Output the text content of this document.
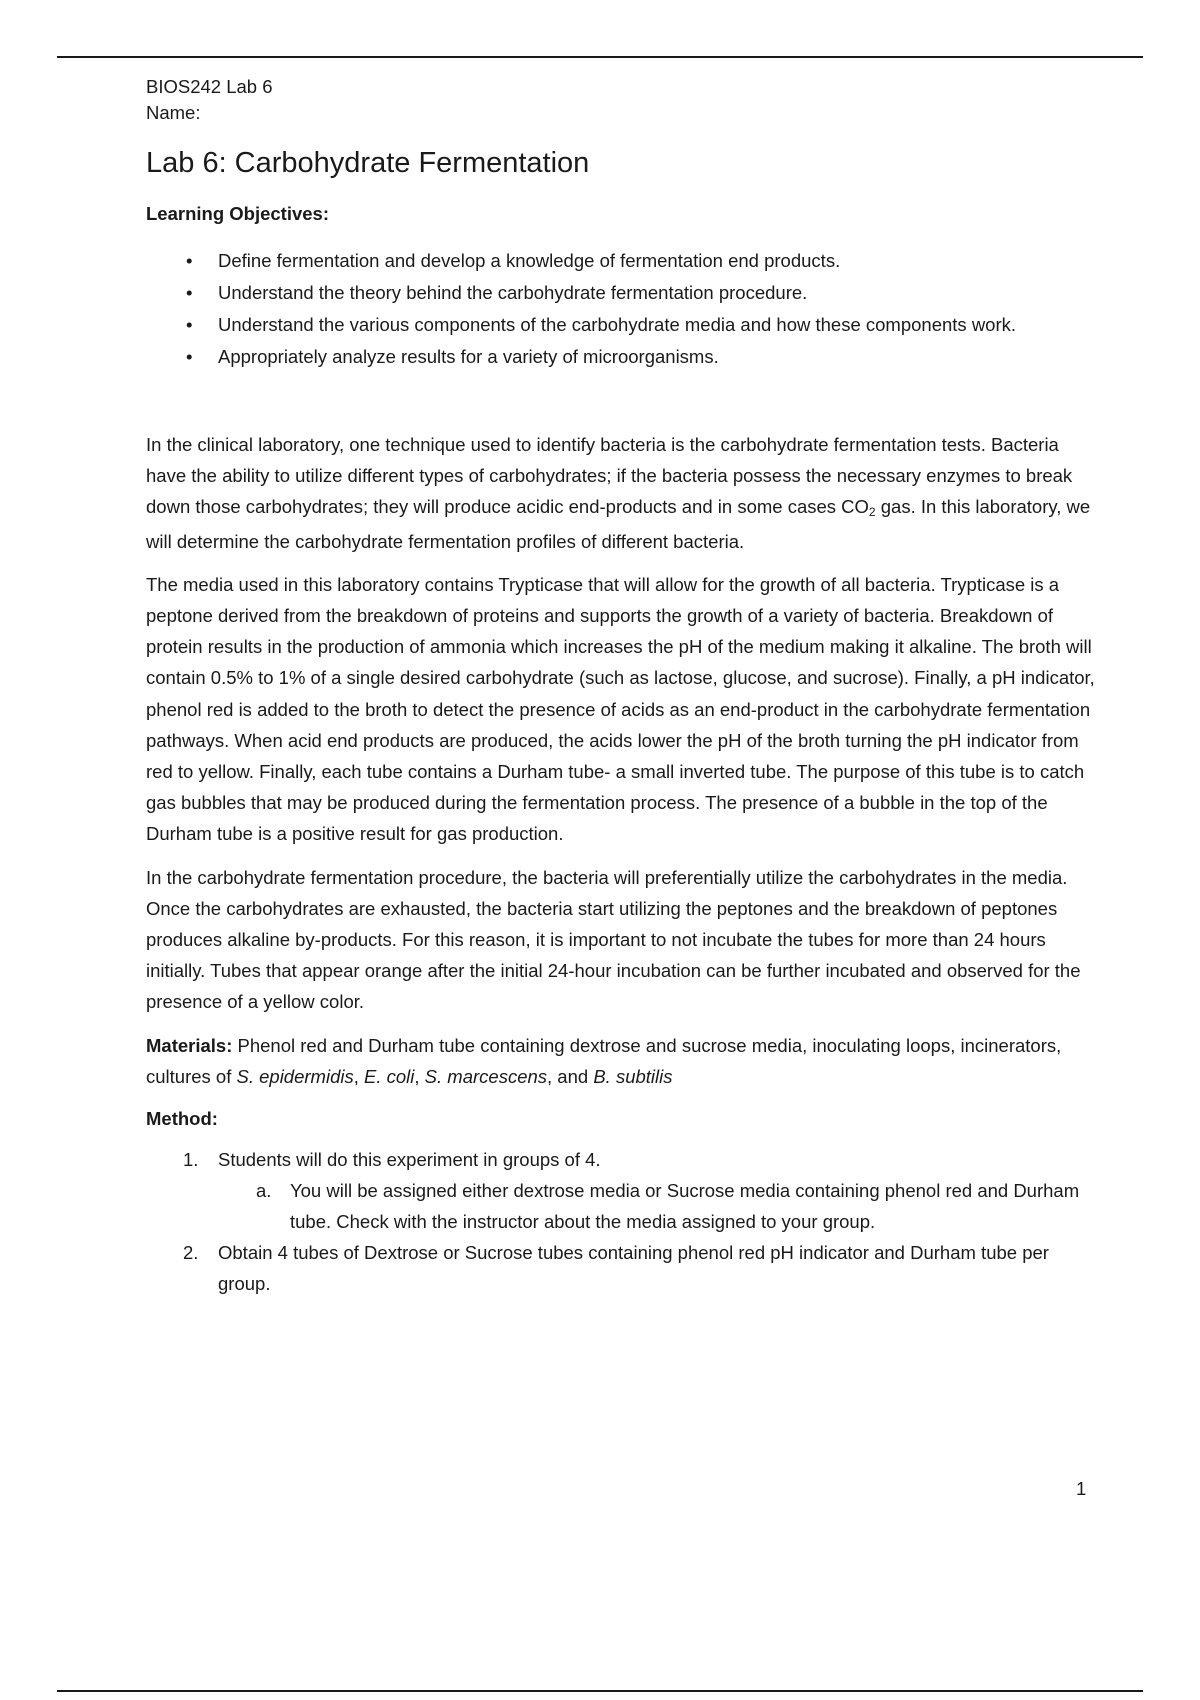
BIOS242 Lab 6
Name:
Lab 6: Carbohydrate Fermentation
Learning Objectives:
• Define fermentation and develop a knowledge of fermentation end products.
• Understand the theory behind the carbohydrate fermentation procedure.
• Understand the various components of the carbohydrate media and how these components work.
• Appropriately analyze results for a variety of microorganisms.

In the clinical laboratory, one technique used to identify bacteria is the carbohydrate fermentation tests. Bacteria have the ability to utilize different types of carbohydrates; if the bacteria possess the necessary enzymes to break down those carbohydrates; they will produce acidic end-products and in some cases CO2 gas. In this laboratory, we will determine the carbohydrate fermentation profiles of different bacteria.

The media used in this laboratory contains Trypticase that will allow for the growth of all bacteria. Trypticase is a peptone derived from the breakdown of proteins and supports the growth of a variety of bacteria. Breakdown of protein results in the production of ammonia which increases the pH of the medium making it alkaline. The broth will contain 0.5% to 1% of a single desired carbohydrate (such as lactose, glucose, and sucrose). Finally, a pH indicator, phenol red is added to the broth to detect the presence of acids as an end-product in the carbohydrate fermentation pathways. When acid end products are produced, the acids lower the pH of the broth turning the pH indicator from red to yellow. Finally, each tube contains a Durham tube- a small inverted tube. The purpose of this tube is to catch gas bubbles that may be produced during the fermentation process. The presence of a bubble in the top of the Durham tube is a positive result for gas production.

In the carbohydrate fermentation procedure, the bacteria will preferentially utilize the carbohydrates in the media. Once the carbohydrates are exhausted, the bacteria start utilizing the peptones and the breakdown of peptones produces alkaline by-products. For this reason, it is important to not incubate the tubes for more than 24 hours initially. Tubes that appear orange after the initial 24-hour incubation can be further incubated and observed for the presence of a yellow color.

Materials: Phenol red and Durham tube containing dextrose and sucrose media, inoculating loops, incinerators, cultures of S. epidermidis, E. coli, S. marcescens, and B. subtilis

Method:
1. Students will do this experiment in groups of 4.
a. You will be assigned either dextrose media or Sucrose media containing phenol red and Durham tube. Check with the instructor about the media assigned to your group.
2. Obtain 4 tubes of Dextrose or Sucrose tubes containing phenol red pH indicator and Durham tube per group.
1
